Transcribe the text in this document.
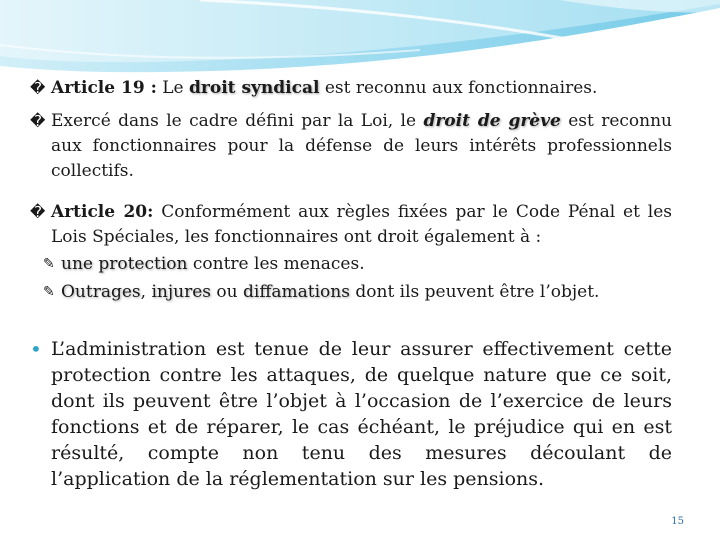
� Article 19 : Le droit syndical est reconnu aux fonctionnaires.
� Exercé dans le cadre défini par la Loi, le droit de grève est reconnu aux fonctionnaires pour la défense de leurs intérêts professionnels collectifs.
� Article 20: Conformément aux règles fixées par le Code Pénal et les Lois Spéciales, les fonctionnaires ont droit également à :
✎ une protection contre les menaces.
✎ Outrages, injures ou diffamations dont ils peuvent être l’objet.
• L’administration est tenue de leur assurer effectivement cette protection contre les attaques, de quelque nature que ce soit, dont ils peuvent être l’objet à l’occasion de l’exercice de leurs fonctions et de réparer, le cas échéant, le préjudice qui en est résulté, compte non tenu des mesures découlant de l’application de la réglementation sur les pensions.
15
